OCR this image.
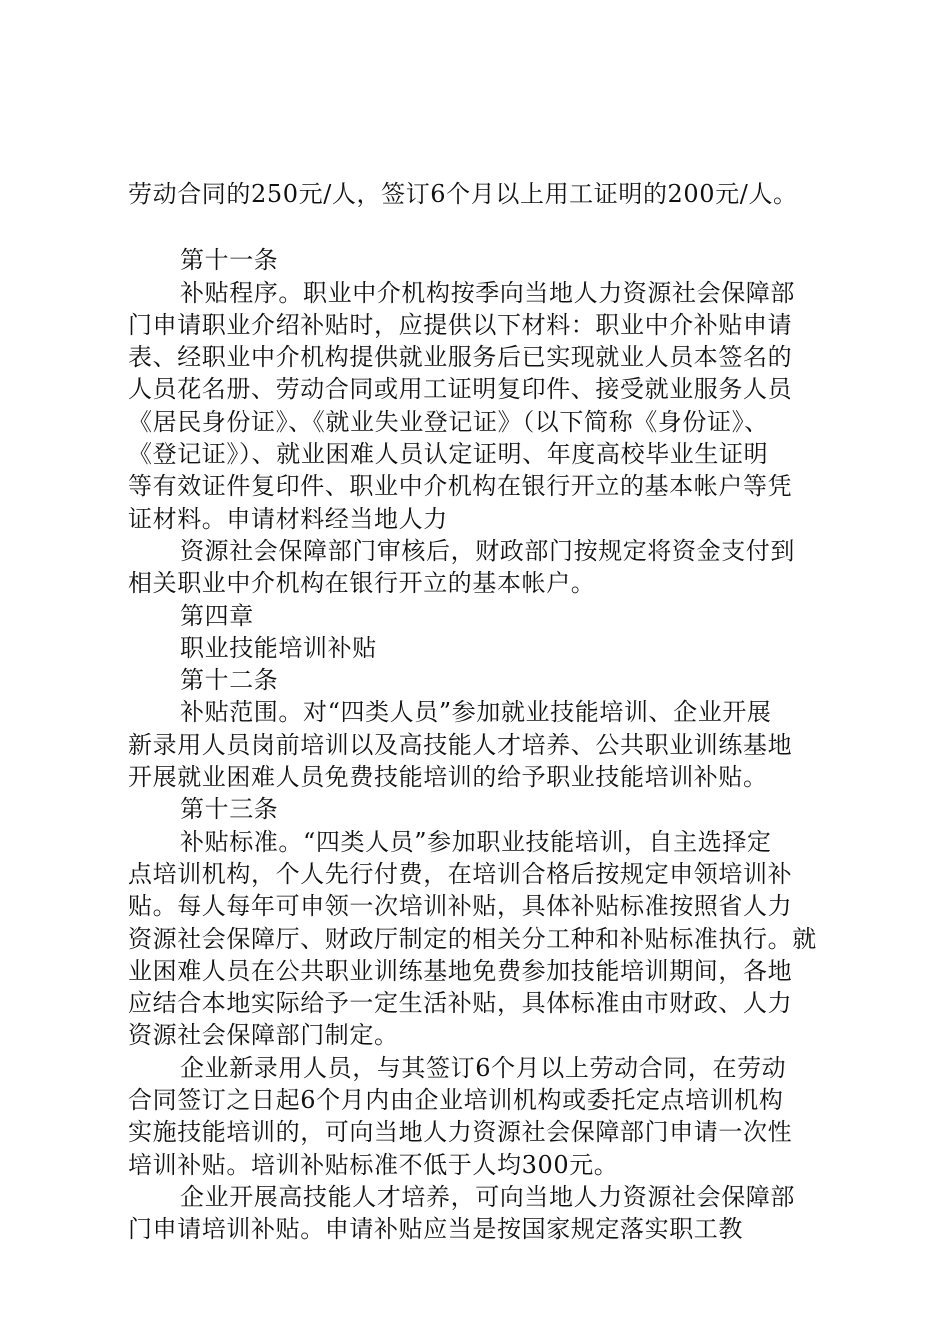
劳动合同的250元/人，签订6个月以上用工证明的200元/人。
第十一条
补贴程序。职业中介机构按季向当地人力资源社会保障部
门申请职业介绍补贴时，应提供以下材料：职业中介补贴申请
表、经职业中介机构提供就业服务后已实现就业人员本签名的
人员花名册、劳动合同或用工证明复印件、接受就业服务人员
《居民身份证》、《就业失业登记证》（以下简称《身份证》、
《登记证》）、就业困难人员认定证明、年度高校毕业生证明
等有效证件复印件、职业中介机构在银行开立的基本帐户等凭
证材料。申请材料经当地人力
资源社会保障部门审核后，财政部门按规定将资金支付到
相关职业中介机构在银行开立的基本帐户。
第四章
职业技能培训补贴
第十二条
补贴范围。对“四类人员”参加就业技能培训、企业开展
新录用人员岗前培训以及高技能人才培养、公共职业训练基地
开展就业困难人员免费技能培训的给予职业技能培训补贴。
第十三条
补贴标准。“四类人员”参加职业技能培训，自主选择定
点培训机构，个人先行付费，在培训合格后按规定申领培训补
贴。每人每年可申领一次培训补贴，具体补贴标准按照省人力
资源社会保障厅、财政厅制定的相关分工种和补贴标准执行。就
业困难人员在公共职业训练基地免费参加技能培训期间，各地
应结合本地实际给予一定生活补贴，具体标准由市财政、人力
资源社会保障部门制定。
企业新录用人员，与其签订6个月以上劳动合同，在劳动
合同签订之日起6个月内由企业培训机构或委托定点培训机构
实施技能培训的，可向当地人力资源社会保障部门申请一次性
培训补贴。培训补贴标准不低于人均300元。
企业开展高技能人才培养，可向当地人力资源社会保障部
门申请培训补贴。申请补贴应当是按国家规定落实职工教
